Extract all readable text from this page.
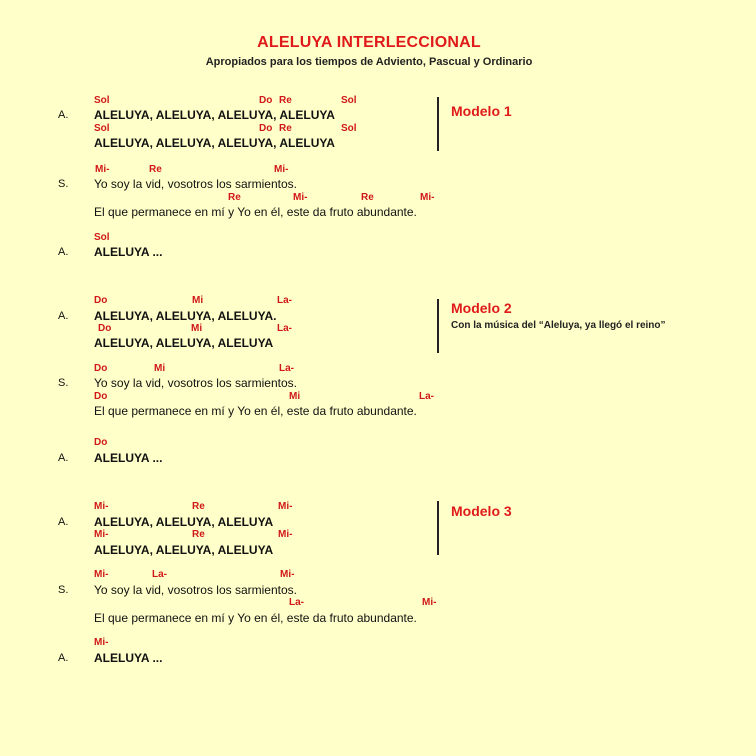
ALELUYA INTERLECCIONAL
Apropiados para los tiempos de Adviento, Pascual y Ordinario
Sol	Do Re	Sol
A. ALELUYA, ALELUYA, ALELUYA, ALELUYA
Sol	Do Re	Sol
ALELUYA, ALELUYA, ALELUYA, ALELUYA
Modelo 1
Mi-	Re	Mi-
S. Yo soy la vid, vosotros los sarmientos.
Re	Mi-	Re	Mi-
El que permanece en mí y Yo en él, este da fruto abundante.
Sol
A. ALELUYA ...
Do	Mi	La-
A. ALELUYA, ALELUYA, ALELUYA.
Do	Mi	La-
ALELUYA, ALELUYA, ALELUYA
Modelo 2
Con la música del “Aleluya, ya llegó el reino”
Do	Mi	La-
S. Yo soy la vid, vosotros los sarmientos.
Do	Mi	La-
El que permanece en mí y Yo en él, este da fruto abundante.
Do
A. ALELUYA ...
Mi-	Re	Mi-
A. ALELUYA, ALELUYA, ALELUYA
Mi-	Re	Mi-
ALELUYA, ALELUYA, ALELUYA
Modelo 3
Mi-	La-	Mi-
S. Yo soy la vid, vosotros los sarmientos.
La-	Mi-
El que permanece en mí y Yo en él, este da fruto abundante.
Mi-
A. ALELUYA ...
